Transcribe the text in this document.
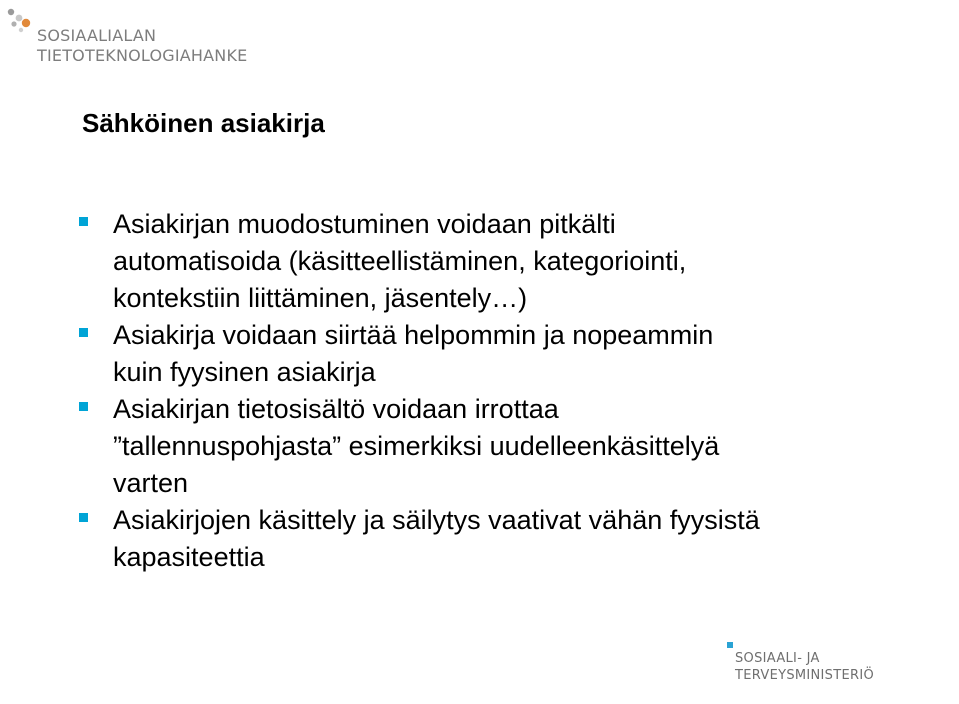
SOSIAALIALAN
TIETOTEKNOLOGIAHANKE
Sähköinen asiakirja
Asiakirjan muodostuminen voidaan pitkälti
automatisoida (käsitteellistäminen, kategoriointi,
kontekstiin liittäminen, jäsentely…)
Asiakirja voidaan siirtää helpommin ja nopeammin
kuin fyysinen asiakirja
Asiakirjan tietosisältö voidaan irrottaa
”tallennuspohjasta” esimerkiksi uudelleenkäsittelyä
varten
Asiakirjojen käsittely ja säilytys vaativat vähän fyysistä
kapasiteettia
SOSIAALI- JA
TERVEYSMINISTERIÖ
